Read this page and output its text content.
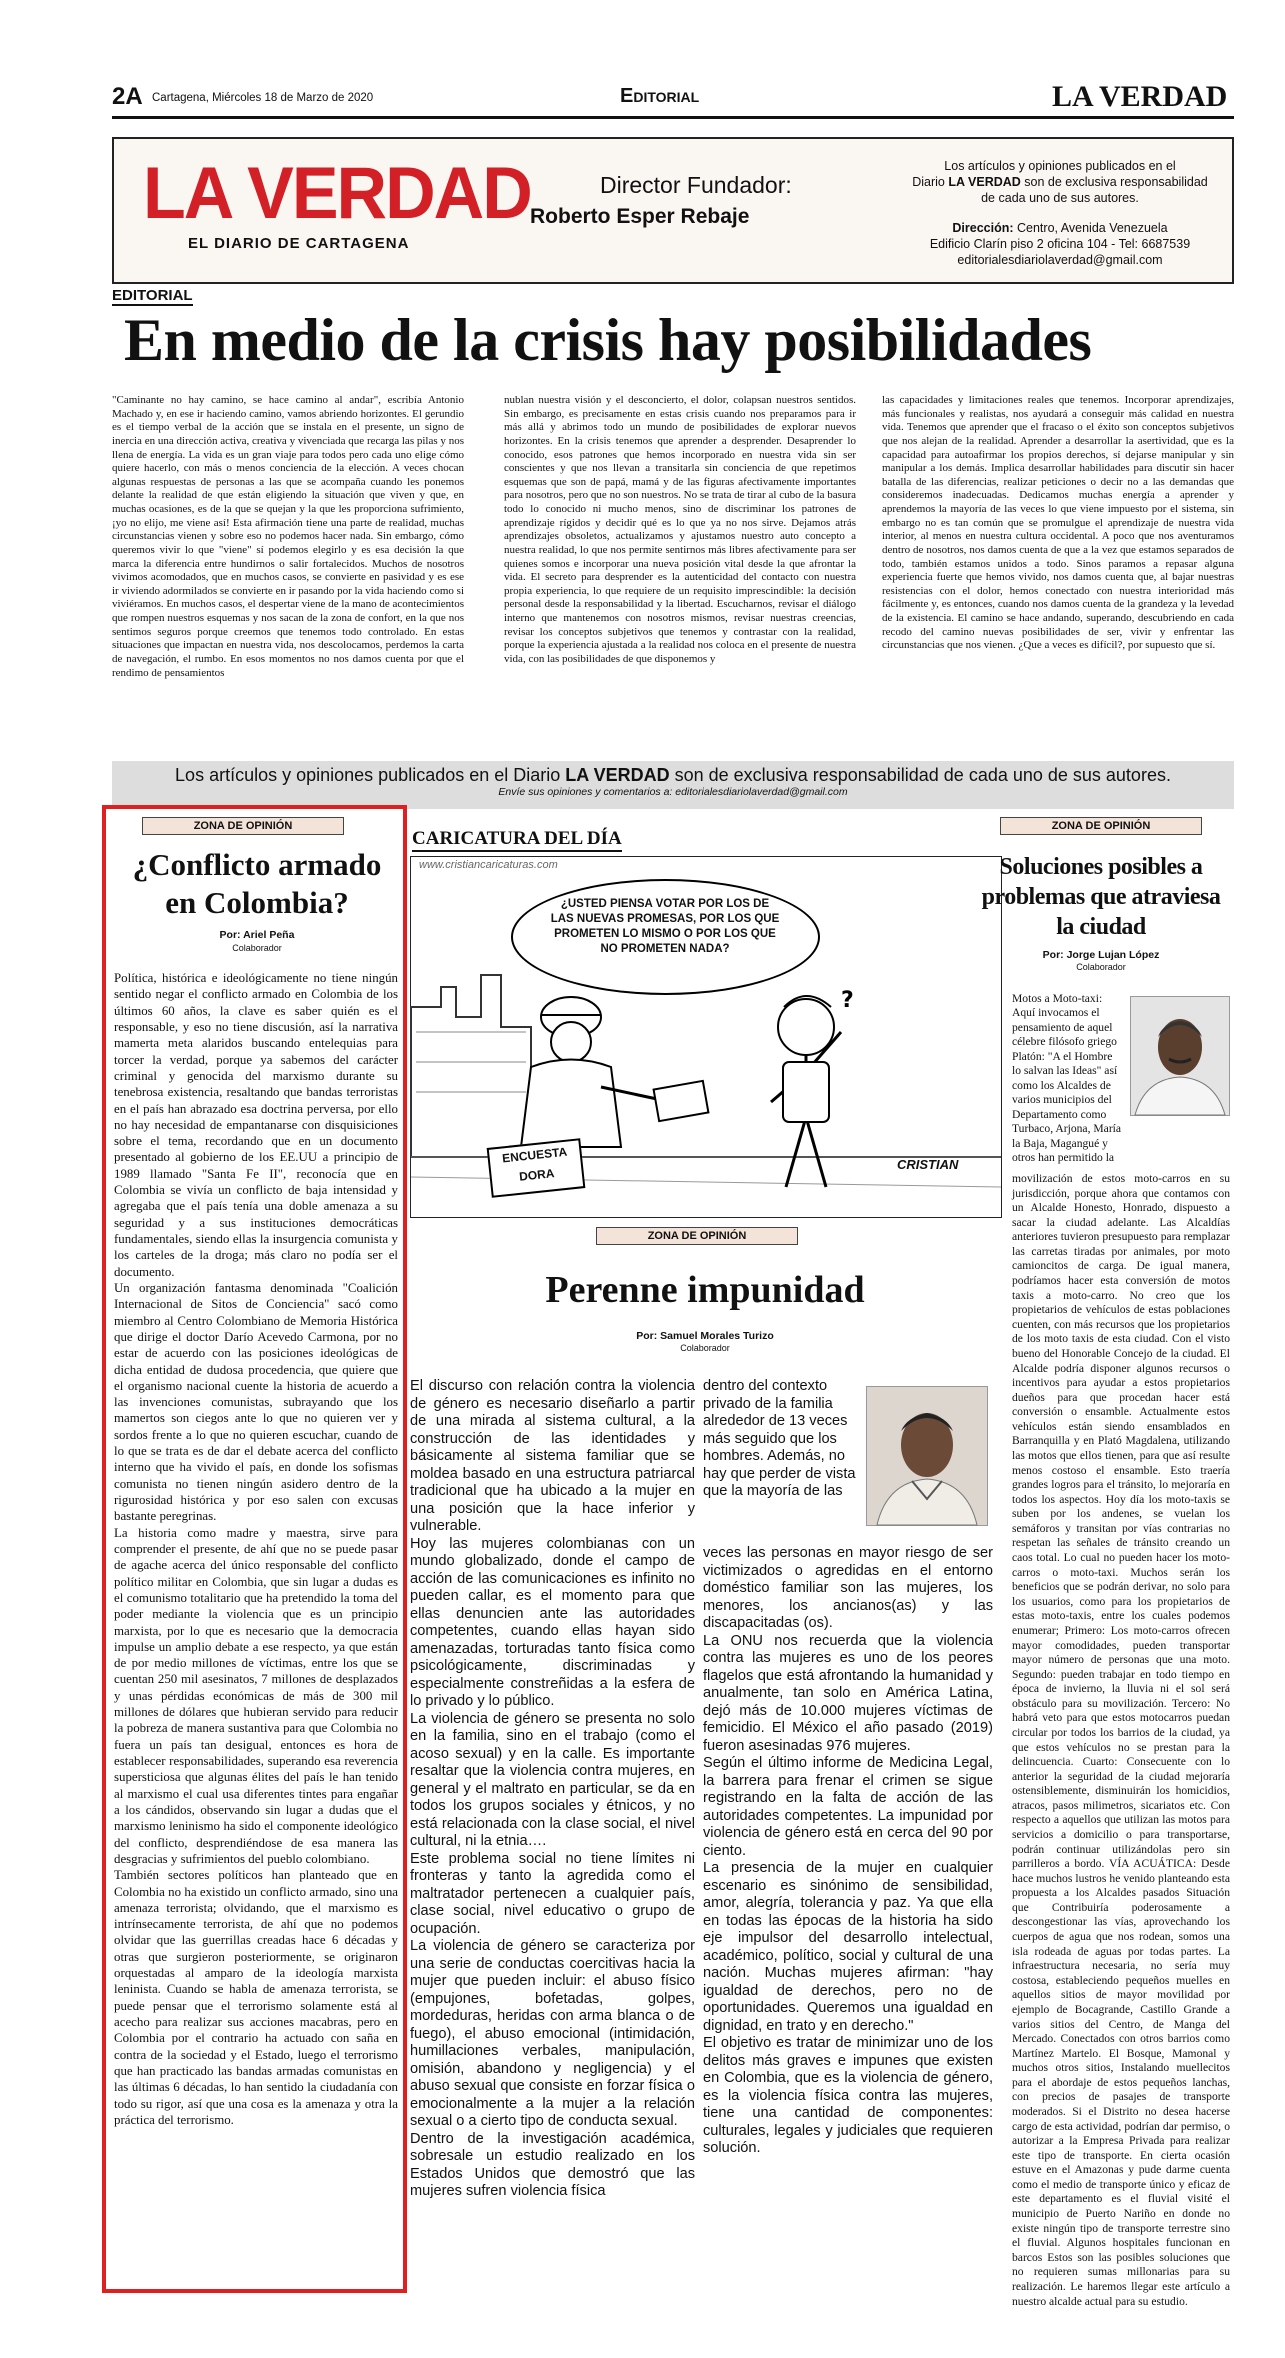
2A Cartagena, Miércoles 18 de Marzo de 2020	Editorial	LA VERDAD
LA VERDAD
EL DIARIO DE CARTAGENA
Director Fundador:
Roberto Esper Rebaje
Los artículos y opiniones publicados en el
Diario LA VERDAD son de exclusiva responsabilidad
de cada uno de sus autores.
Dirección: Centro, Avenida Venezuela
Edificio Clarín piso 2 oficina 104 - Tel: 6687539
editorialesdiariolaverdad@gmail.com
EDITORIAL
En medio de la crisis hay posibilidades
"Caminante no hay camino, se hace camino al andar", escribía Antonio Machado y, en ese ir haciendo camino, vamos abriendo horizontes. El gerundio es el tiempo verbal de la acción que se instala en el presente, un signo de inercia en una dirección activa, creativa y vivenciada que recarga las pilas y nos llena de energía. La vida es un gran viaje para todos pero cada uno elige cómo quiere hacerlo, con más o menos conciencia de la elección. A veces chocan algunas respuestas de personas a las que se acompaña cuando les ponemos delante la realidad de que están eligiendo la situación que viven y que, en muchas ocasiones, es de la que se quejan y la que les proporciona sufrimiento, ¡yo no elijo, me viene así! Esta afirmación tiene una parte de realidad, muchas circunstancias vienen y sobre eso no podemos hacer nada. Sin embargo, cómo queremos vivir lo que "viene" sí podemos elegirlo y es esa decisión la que marca la diferencia entre hundirnos o salir fortalecidos. Muchos de nosotros vivimos acomodados, que en muchos casos, se convierte en pasividad y es ese ir viviendo adormilados se convierte en ir pasando por la vida haciendo como si viviéramos. En muchos casos, el despertar viene de la mano de acontecimientos que rompen nuestros esquemas y nos sacan de la zona de confort, en la que nos sentimos seguros porque creemos que tenemos todo controlado. En estas situaciones que impactan en nuestra vida, nos descolocamos, perdemos la carta de navegación, el rumbo. En esos momentos no nos damos cuenta por que el rendimo de pensamientos
nublan nuestra visión y el desconcierto, el dolor, colapsan nuestros sentidos. Sin embargo, es precisamente en estas crisis cuando nos preparamos para ir más allá y abrimos todo un mundo de posibilidades de explorar nuevos horizontes. En la crisis tenemos que aprender a desprender. Desaprender lo conocido, esos patrones que hemos incorporado en nuestra vida sin ser conscientes y que nos llevan a transitarla sin conciencia de que repetimos esquemas que son de papá, mamá y de las figuras afectivamente importantes para nosotros, pero que no son nuestros. No se trata de tirar al cubo de la basura todo lo conocido ni mucho menos, sino de discriminar los patrones de aprendizaje rígidos y decidir qué es lo que ya no nos sirve. Dejamos atrás aprendizajes obsoletos, actualizamos y ajustamos nuestro auto concepto a nuestra realidad, lo que nos permite sentirnos más libres afectivamente para ser quienes somos e incorporar una nueva posición vital desde la que afrontar la vida. El secreto para desprender es la autenticidad del contacto con nuestra propia experiencia, lo que requiere de un requisito imprescindible: la decisión personal desde la responsabilidad y la libertad. Escucharnos, revisar el diálogo interno que mantenemos con nosotros mismos, revisar nuestras creencias, revisar los conceptos subjetivos que tenemos y contrastar con la realidad, porque la experiencia ajustada a la realidad nos coloca en el presente de nuestra vida, con las posibilidades de que disponemos y
las capacidades y limitaciones reales que tenemos. Incorporar aprendizajes, más funcionales y realistas, nos ayudará a conseguir más calidad en nuestra vida. Tenemos que aprender que el fracaso o el éxito son conceptos subjetivos que nos alejan de la realidad. Aprender a desarrollar la asertividad, que es la capacidad para autoafirmar los propios derechos, sí dejarse manipular y sin manipular a los demás. Implica desarrollar habilidades para discutir sin hacer batalla de las diferencias, realizar peticiones o decir no a las demandas que consideremos inadecuadas. Dedicamos muchas energía a aprender y aprendemos la mayoría de las veces lo que viene impuesto por el sistema, sin embargo no es tan común que se promulgue el aprendizaje de nuestra vida interior, al menos en nuestra cultura occidental. A poco que nos aventuramos dentro de nosotros, nos damos cuenta de que a la vez que estamos separados de todo, también estamos unidos a todo. Sinos paramos a repasar alguna experiencia fuerte que hemos vivido, nos damos cuenta que, al bajar nuestras resistencias con el dolor, hemos conectado con nuestra interioridad más fácilmente y, es entonces, cuando nos damos cuenta de la grandeza y la levedad de la existencia. El camino se hace andando, superando, descubriendo en cada recodo del camino nuevas posibilidades de ser, vivir y enfrentar las circunstancias que nos vienen. ¿Que a veces es difícil?, por supuesto que sí.
Los artículos y opiniones publicados en el Diario LA VERDAD son de exclusiva responsabilidad de cada uno de sus autores.
Envíe sus opiniones y comentarios a: editorialesdiariolaverdad@gmail.com
ZONA DE OPINIÓN
¿Conflicto armado en Colombia?
Por: Ariel Peña
Colaborador

Política, histórica e ideológicamente no tiene ningún sentido negar el conflicto armado en Colombia de los últimos 60 años, la clave es saber quién es el responsable, y eso no tiene discusión, así la narrativa mamerta meta alaridos buscando entelequias para torcer la verdad, porque ya sabemos del carácter criminal y genocida del marxismo durante su tenebrosa existencia, resaltando que bandas terroristas en el país han abrazado esa doctrina perversa, por ello no hay necesidad de empantanarse con disquisiciones sobre el tema, recordando que en un documento presentado al gobierno de los EE.UU a principio de 1989 llamado "Santa Fe II", reconocía que en Colombia se vivía un conflicto de baja intensidad y agregaba que el país tenía una doble amenaza a su seguridad y a sus instituciones democráticas fundamentales, siendo ellas la insurgencia comunista y los carteles de la droga; más claro no podía ser el documento.

Un organización fantasma denominada "Coalición Internacional de Sitos de Conciencia" sacó como miembro al Centro Colombiano de Memoria Histórica que dirige el doctor Darío Acevedo Carmona, por no estar de acuerdo con las posiciones ideológicas de dicha entidad de dudosa procedencia, que quiere que el organismo nacional cuente la historia de acuerdo a las invenciones comunistas, subrayando que los mamertos son ciegos ante lo que no quieren ver y sordos frente a lo que no quieren escuchar, cuando de lo que se trata es de dar el debate acerca del conflicto interno que ha vivido el país, en donde los sofismas comunista no tienen ningún asidero dentro de la rigurosidad histórica y por eso salen con excusas bastante peregrinas.

La historia como madre y maestra, sirve para comprender el presente, de ahí que no se puede pasar de agache acerca del único responsable del conflicto político militar en Colombia, que sin lugar a dudas es el comunismo totalitario que ha pretendido la toma del poder mediante la violencia que es un principio marxista, por lo que es necesario que la democracia impulse un amplio debate a ese respecto, ya que están de por medio millones de víctimas, entre los que se cuentan 250 mil asesinatos, 7 millones de desplazados y unas pérdidas económicas de más de 300 mil millones de dólares que hubieran servido para reducir la pobreza de manera sustantiva para que Colombia no fuera un país tan desigual, entonces es hora de establecer responsabilidades, superando esa reverencia supersticiosa que algunas élites del país le han tenido al marxismo el cual usa diferentes tintes para engañar a los cándidos, observando sin lugar a dudas que el marxismo leninismo ha sido el componente ideológico del conflicto, desprendiéndose de esa manera las desgracias y sufrimientos del pueblo colombiano.

También sectores políticos han planteado que en Colombia no ha existido un conflicto armado, sino una amenaza terrorista; olvidando, que el marxismo es intrínsecamente terrorista, de ahí que no podemos olvidar que las guerrillas creadas hace 6 décadas y otras que surgieron posteriormente, se originaron orquestadas al amparo de la ideología marxista leninista. Cuando se habla de amenaza terrorista, se puede pensar que el terrorismo solamente está al acecho para realizar sus acciones macabras, pero en Colombia por el contrario ha actuado con saña en contra de la sociedad y el Estado, luego el terrorismo que han practicado las bandas armadas comunistas en las últimas 6 décadas, lo han sentido la ciudadanía con todo su rigor, así que una cosa es la amenaza y otra la práctica del terrorismo.

CARICATURA DEL DÍA
www.cristiancaricaturas.com
?
¿USTED PIENSA VOTAR POR LOS DE LAS NUEVAS PROMESAS, POR LOS QUE PROMETEN LO MISMO O POR LOS QUE NO PROMETEN NADA?
ENCUESTA
DORA
CRISTIAN
ZONA DE OPINIÓN
Perenne impunidad
Por: Samuel Morales Turizo
Colaborador

El discurso con relación contra la violencia de género es necesario diseñarlo a partir de una mirada al sistema cultural, a la construcción de las identidades y básicamente al sistema familiar que se moldea basado en una estructura patriarcal tradicional que ha ubicado a la mujer en una posición que la hace inferior y vulnerable.

Hoy las mujeres colombianas con un mundo globalizado, donde el campo de acción de las comunicaciones es infinito no pueden callar, es el momento para que ellas denuncien ante las autoridades competentes, cuando ellas hayan sido amenazadas, torturadas tanto física como psicológicamente, discriminadas y especialmente constreñidas a la esfera de lo privado y lo público.

La violencia de género se presenta no solo en la familia, sino en el trabajo (como el acoso sexual) y en la calle. Es importante resaltar que la violencia contra mujeres, en general y el maltrato en particular, se da en todos los grupos sociales y étnicos, y no está relacionada con la clase social, el nivel cultural, ni la etnia….

Este problema social no tiene límites ni fronteras y tanto la agredida como el maltratador pertenecen a cualquier país, clase social, nivel educativo o grupo de ocupación.

La violencia de género se caracteriza por una serie de conductas coercitivas hacia la mujer que pueden incluir: el abuso físico (empujones, bofetadas, golpes, mordeduras, heridas con arma blanca o de fuego), el abuso emocional (intimidación, humillaciones verbales, manipulación, omisión, abandono y negligencia) y el abuso sexual que consiste en forzar física o emocionalmente a la mujer a la relación sexual o a cierto tipo de conducta sexual.

Dentro de la investigación académica, sobresale un estudio realizado en los Estados Unidos que demostró que las mujeres sufren violencia física

dentro del contexto privado de la familia alrededor de 13 veces más seguido que los hombres. Además, no hay que perder de vista que la mayoría de las

veces las personas en mayor riesgo de ser victimizados o agredidas en el entorno doméstico familiar son las mujeres, los menores, los ancianos(as) y las discapacitadas (os).

La ONU nos recuerda que la violencia contra las mujeres es uno de los peores flagelos que está afrontando la humanidad y anualmente, tan solo en América Latina, dejó más de 10.000 mujeres víctimas de femicidio. El México el año pasado (2019) fueron asesinadas 976 mujeres.

Según el último informe de Medicina Legal, la barrera para frenar el crimen se sigue registrando en la falta de acción de las autoridades competentes. La impunidad por violencia de género está en cerca del 90 por ciento.

La presencia de la mujer en cualquier escenario es sinónimo de sensibilidad, amor, alegría, tolerancia y paz. Ya que ella en todas las épocas de la historia ha sido eje impulsor del desarrollo intelectual, académico, político, social y cultural de una nación. Muchas mujeres afirman: "hay igualdad de derechos, pero no de oportunidades. Queremos una igualdad en dignidad, en trato y en derecho."

El objetivo es tratar de minimizar uno de los delitos más graves e impunes que existen en Colombia, que es la violencia de género, es la violencia física contra las mujeres, tiene una cantidad de componentes: culturales, legales y judiciales que requieren solución.

ZONA DE OPINIÓN
Soluciones posibles a problemas que atraviesa la ciudad
Por: Jorge Lujan López
Colaborador
Motos a Moto-taxi: Aquí invocamos el pensamiento de aquel célebre filósofo griego Platón: "A el Hombre lo salvan las Ideas" así como los Alcaldes de varios municipios del Departamento como Turbaco, Arjona, María la Baja, Magangué y otros han permitido la
movilización de estos moto-carros en su jurisdicción, porque ahora que contamos con un Alcalde Honesto, Honrado, dispuesto a sacar la ciudad adelante. Las Alcaldías anteriores tuvieron presupuesto para remplazar las carretas tiradas por animales, por moto camioncitos de carga. De igual manera, podríamos hacer esta conversión de motos taxis a moto-carro. No creo que los propietarios de vehículos de estas poblaciones cuenten, con más recursos que los propietarios de los moto taxis de esta ciudad. Con el visto bueno del Honorable Concejo de la ciudad. El Alcalde podría disponer algunos recursos o incentivos para ayudar a estos propietarios dueños para que procedan hacer está conversión o ensamble. Actualmente estos vehículos están siendo ensamblados en Barranquilla y en Plató Magdalena, utilizando las motos que ellos tienen, para que así resulte menos costoso el ensamble. Esto traería grandes logros para el tránsito, lo mejoraría en todos los aspectos. Hoy día los moto-taxis se suben por los andenes, se vuelan los semáforos y transitan por vías contrarias no respetan las señales de tránsito creando un caos total. Lo cual no pueden hacer los moto-carros o moto-taxi. Muchos serán los beneficios que se podrán derivar, no solo para los usuarios, como para los propietarios de estas moto-taxis, entre los cuales podemos enumerar; Primero: Los moto-carros ofrecen mayor comodidades, pueden transportar mayor número de personas que una moto. Segundo: pueden trabajar en todo tiempo en época de invierno, la lluvia ni el sol será obstáculo para su movilización. Tercero: No habrá veto para que estos motocarros puedan circular por todos los barrios de la ciudad, ya que estos vehículos no se prestan para la delincuencia. Cuarto: Consecuente con lo anterior la seguridad de la ciudad mejoraría ostensiblemente, disminuirán los homicidios, atracos, pasos milimetros, sicariatos etc. Con respecto a aquellos que utilizan las motos para servicios a domicilio o para transportarse, podrán continuar utilizándolas pero sin parrilleros a bordo. VÍA ACUÁTICA: Desde hace muchos lustros he venido planteando esta propuesta a los Alcaldes pasados Situación que Contribuiría poderosamente a descongestionar las vías, aprovechando los cuerpos de agua que nos rodean, somos una isla rodeada de aguas por todas partes. La infraestructura necesaria, no sería muy costosa, estableciendo pequeños muelles en aquellos sitios de mayor movilidad por ejemplo de Bocagrande, Castillo Grande a varios sitios del Centro, de Manga del Mercado. Conectados con otros barrios como Martínez Martelo. El Bosque, Mamonal y muchos otros sitios, Instalando muellecitos para el abordaje de estos pequeños lanchas, con precios de pasajes de transporte moderados. Si el Distrito no desea hacerse cargo de esta actividad, podrían dar permiso, o autorizar a la Empresa Privada para realizar este tipo de transporte. En cierta ocasión estuve en el Amazonas y pude darme cuenta como el medio de transporte único y eficaz de este departamento es el fluvial visité el municipio de Puerto Nariño en donde no existe ningún tipo de transporte terrestre sino el fluvial. Algunos hospitales funcionan en barcos Estos son las posibles soluciones que no requieren sumas millonarias para su realización. Le haremos llegar este artículo a nuestro alcalde actual para su estudio.
